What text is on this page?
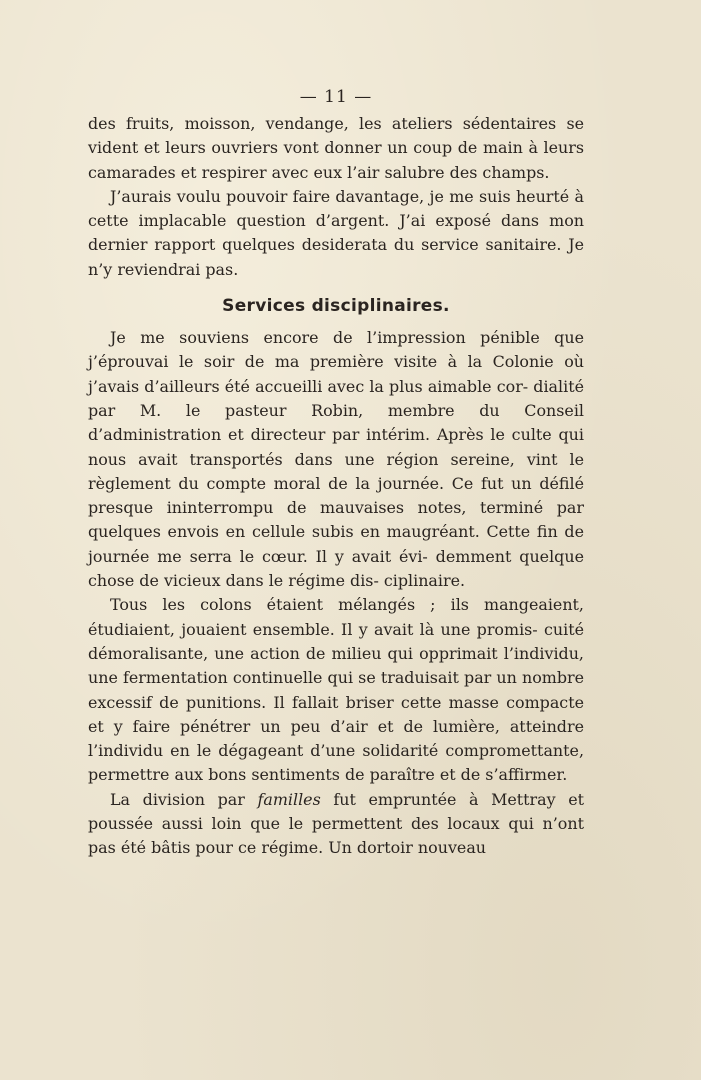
— 11 —

des fruits, moisson, vendange, les ateliers sédentaires se vident et leurs ouvriers vont donner un coup de main à leurs camarades et respirer avec eux l’air salubre des champs.

J’aurais voulu pouvoir faire davantage, je me suis heurté à cette implacable question d’argent. J’ai exposé dans mon dernier rapport quelques desiderata du service sanitaire. Je n’y reviendrai pas.

Services disciplinaires.

Je me souviens encore de l’impression pénible que j’éprouvai le soir de ma première visite à la Colonie où j’avais d’ailleurs été accueilli avec la plus aimable cor- dialité par M. le pasteur Robin, membre du Conseil d’administration et directeur par intérim. Après le culte qui nous avait transportés dans une région sereine, vint le règlement du compte moral de la journée. Ce fut un défilé presque ininterrompu de mauvaises notes, terminé par quelques envois en cellule subis en maugréant. Cette fin de journée me serra le cœur. Il y avait évi- demment quelque chose de vicieux dans le régime dis- ciplinaire.

Tous les colons étaient mélangés ; ils mangeaient, étudiaient, jouaient ensemble. Il y avait là une promis- cuité démoralisante, une action de milieu qui opprimait l’individu, une fermentation continuelle qui se traduisait par un nombre excessif de punitions. Il fallait briser cette masse compacte et y faire pénétrer un peu d’air et de lumière, atteindre l’individu en le dégageant d’une solidarité compromettante, permettre aux bons sentiments de paraître et de s’affirmer.

La division par familles fut empruntée à Mettray et poussée aussi loin que le permettent des locaux qui n’ont pas été bâtis pour ce régime. Un dortoir nouveau
